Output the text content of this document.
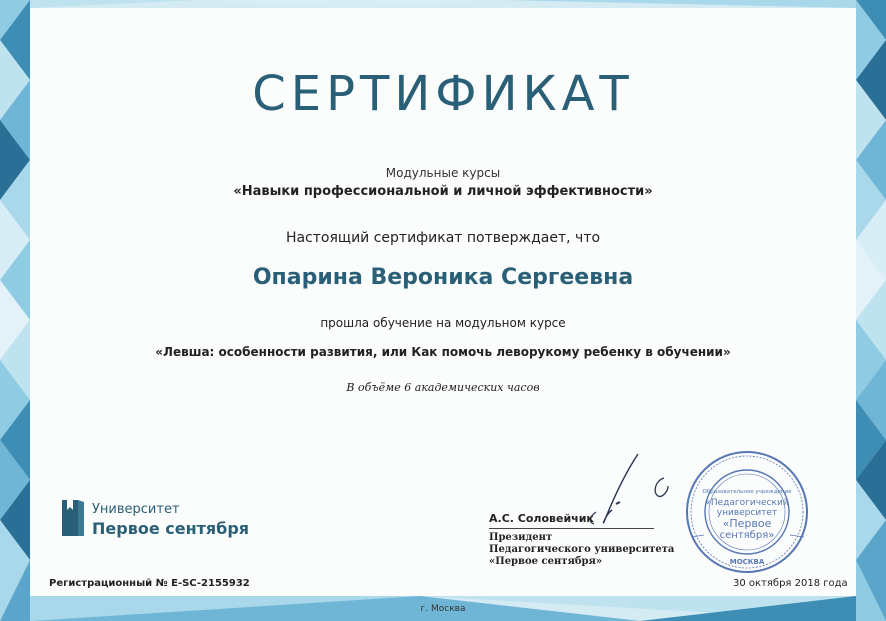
СЕРТИФИКАТ
Модульные курсы
«Навыки профессиональной и личной эффективности»
Настоящий сертификат потверждает, что
Опарина Вероника Сергеевна
прошла обучение на модульном курсе
«Левша: особенности развития, или Как помочь леворукому ребенку в обучении»
В объёме 6 академических часов
Университет
Первое сентября
А.С. Соловейчик
Президент
Педагогического университета
«Первое сентября»
Образовательное учреждение
«Педагогический
университет
«Первое
сентября»
МОСКВА
Регистрационный № E-SC-2155932	30 октября 2018 года
г. Москва
